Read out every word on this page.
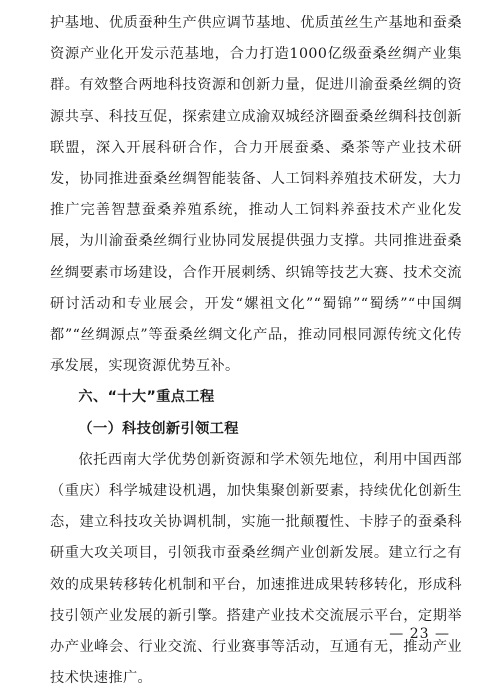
护基地、优质蚕种生产供应调节基地、优质茧丝生产基地和蚕桑资源产业化开发示范基地，合力打造1000亿级蚕桑丝绸产业集群。有效整合两地科技资源和创新力量，促进川渝蚕桑丝绸的资源共享、科技互促，探索建立成渝双城经济圈蚕桑丝绸科技创新联盟，深入开展科研合作，合力开展蚕桑、桑茶等产业技术研发，协同推进蚕桑丝绸智能装备、人工饲料养殖技术研发，大力推广完善智慧蚕桑养殖系统，推动人工饲料养蚕技术产业化发展，为川渝蚕桑丝绸行业协同发展提供强力支撑。共同推进蚕桑丝绸要素市场建设，合作开展刺绣、织锦等技艺大赛、技术交流研讨活动和专业展会，开发“嫘祖文化”“蜀锦”“蜀绣”“中国绸都”“丝绸源点”等蚕桑丝绸文化产品，推动同根同源传统文化传承发展，实现资源优势互补。

六、“十大”重点工程

（一）科技创新引领工程

依托西南大学优势创新资源和学术领先地位，利用中国西部（重庆）科学城建设机遇，加快集聚创新要素，持续优化创新生态，建立科技攻关协调机制，实施一批颠覆性、卡脖子的蚕桑科研重大攻关项目，引领我市蚕桑丝绸产业创新发展。建立行之有效的成果转移转化机制和平台，加速推进成果转移转化，形成科技引领产业发展的新引擎。搭建产业技术交流展示平台，定期举办产业峰会、行业交流、行业赛事等活动，互通有无，推动产业技术快速推广。

— 23 —
